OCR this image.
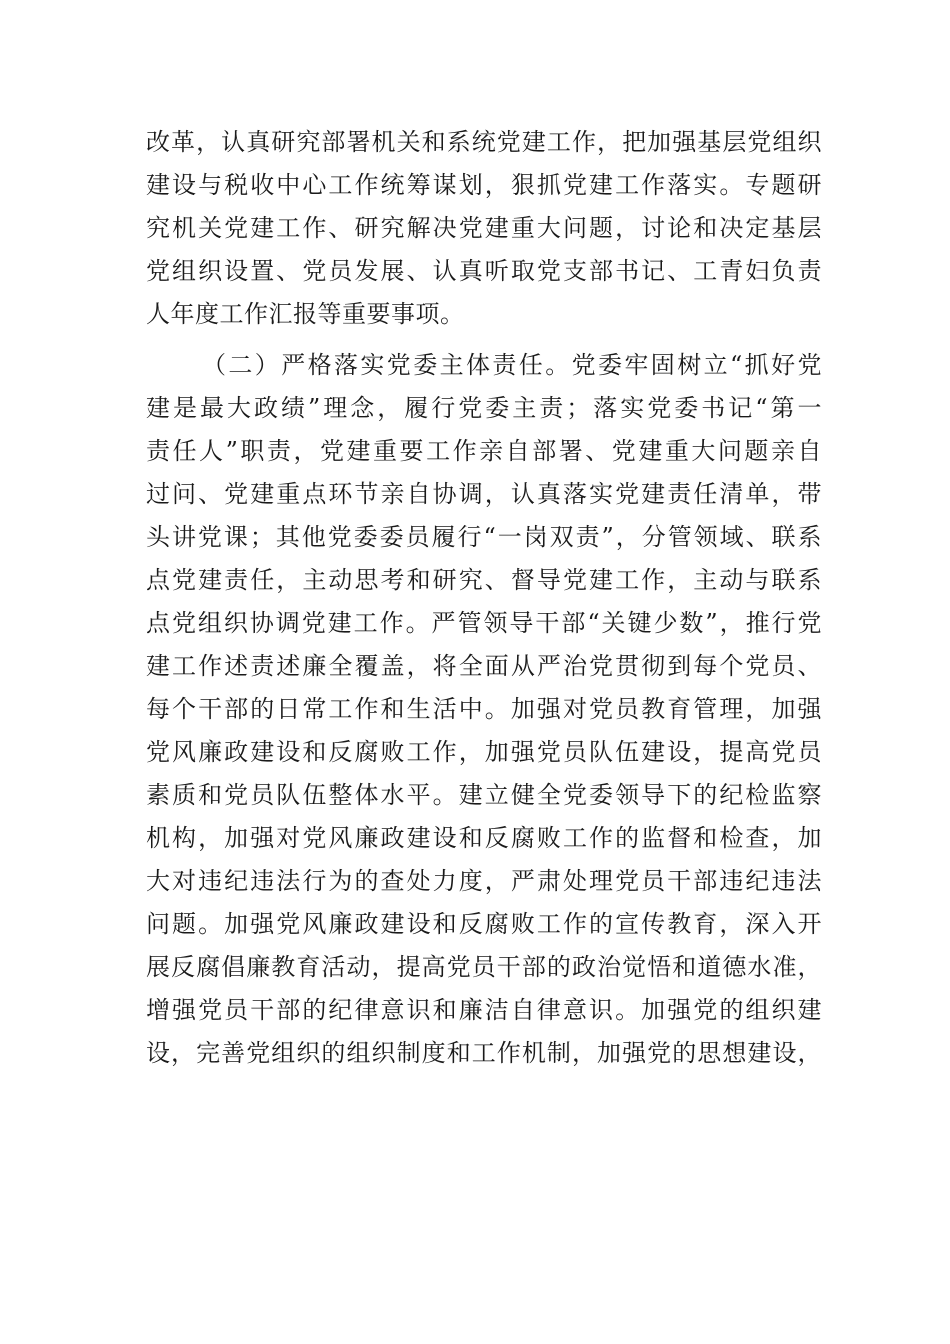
改革，认真研究部署机关和系统党建工作，把加强基层党组织
建设与税收中心工作统筹谋划，狠抓党建工作落实。专题研
究机关党建工作、研究解决党建重大问题，讨论和决定基层
党组织设置、党员发展、认真听取党支部书记、工青妇负责
人年度工作汇报等重要事项。
（二）严格落实党委主体责任。党委牢固树立“抓好党
建是最大政绩”理念，履行党委主责；落实党委书记“第一
责任人”职责，党建重要工作亲自部署、党建重大问题亲自
过问、党建重点环节亲自协调，认真落实党建责任清单，带
头讲党课；其他党委委员履行“一岗双责”，分管领域、联系
点党建责任，主动思考和研究、督导党建工作，主动与联系
点党组织协调党建工作。严管领导干部“关键少数”，推行党
建工作述责述廉全覆盖，将全面从严治党贯彻到每个党员、
每个干部的日常工作和生活中。加强对党员教育管理，加强
党风廉政建设和反腐败工作，加强党员队伍建设，提高党员
素质和党员队伍整体水平。建立健全党委领导下的纪检监察
机构，加强对党风廉政建设和反腐败工作的监督和检查，加
大对违纪违法行为的查处力度，严肃处理党员干部违纪违法
问题。加强党风廉政建设和反腐败工作的宣传教育，深入开
展反腐倡廉教育活动，提高党员干部的政治觉悟和道德水准，
增强党员干部的纪律意识和廉洁自律意识。加强党的组织建
设，完善党组织的组织制度和工作机制，加强党的思想建设，
